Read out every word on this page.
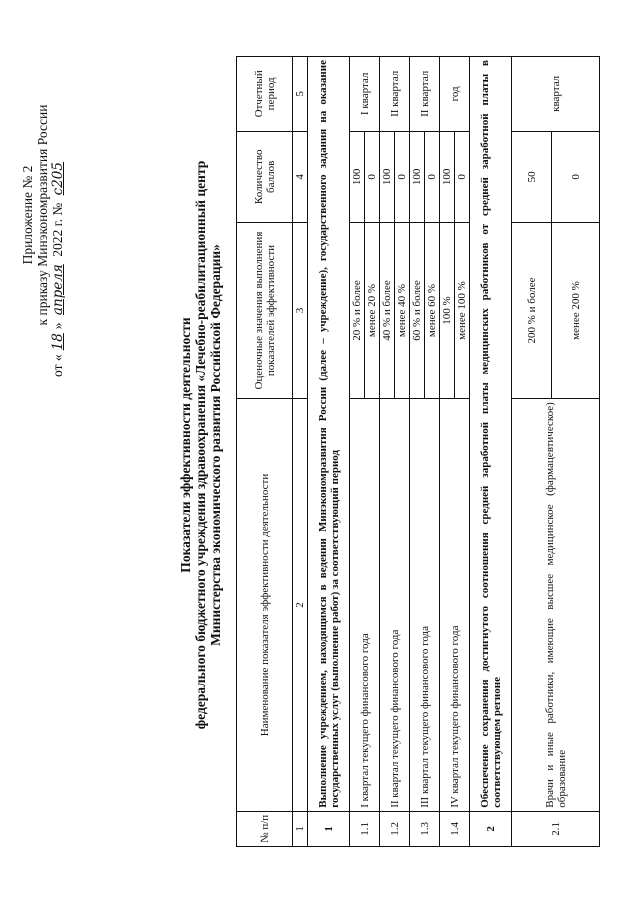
Приложение № 2 к приказу Минэкономразвития России
от «18» апреля 2022 г. № с205
Показатели эффективности деятельности федерального бюджетного учреждения здравоохранения «Лечебно-реабилитационный центр Министерства экономического развития Российской Федерации»
№ п/п	Наименование показателя эффективности деятельности	Оценочные значения выполнения показателей эффективности	Количество баллов	Отчетный период
1	2	3	4	5
1	Выполнение учреждением, находящимся в ведении Минэкономразвития России (далее – учреждение), государственного задания на оказание государственных услуг (выполнение работ) за соответствующий период			
1.1	I квартал текущего финансового года	20 % и более	100	I квартал
		менее 20 %	0	
1.2	II квартал текущего финансового года	40 % и более	100	II квартал
		менее 40 %	0	
1.3	III квартал текущего финансового года	60 % и более	100	II квартал
		менее 60 %	0	
1.4	IV квартал текущего финансового года	100 %	100	год
		менее 100 %	0	
2	Обеспечение сохранения достигнутого соотношения средней заработной платы медицинских работников от средней заработной платы в соответствующем регионе			
2.1	Врачи и иные работники, имеющие высшее медицинское (фармацевтическое) образование	200 % и более	50	квартал
		менее 200 %	0	
